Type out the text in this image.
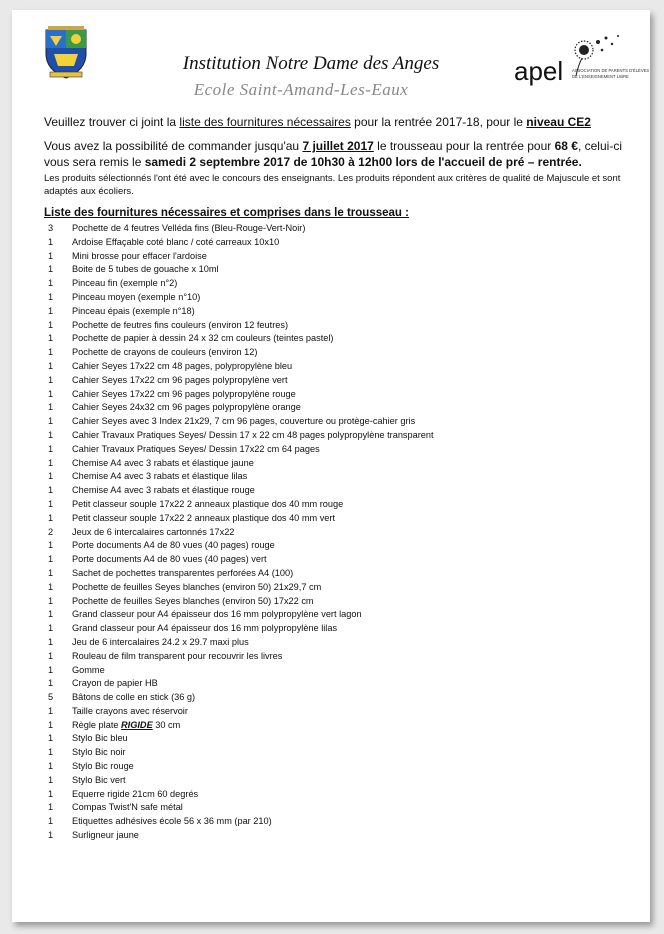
Institution Notre Dame des Anges
Ecole Saint-Amand-Les-Eaux
apel ASSOCIATION DE PARENTS D'ÉLÈVES DE L'ENSEIGNEMENT LIBRE
Veuillez trouver ci joint la liste des fournitures nécessaires pour la rentrée 2017-18, pour le niveau CE2
Vous avez la possibilité de commander jusqu'au 7 juillet 2017 le trousseau pour la rentrée pour 68 €, celui-ci vous sera remis le samedi 2 septembre 2017 de 10h30 à 12h00 lors de l'accueil de pré – rentrée.
Les produits sélectionnés l'ont été avec le concours des enseignants. Les produits répondent aux critères de qualité de Majuscule et sont adaptés aux écoliers.
Liste des fournitures nécessaires et comprises dans le trousseau :
3 Pochette de 4 feutres Velléda fins (Bleu-Rouge-Vert-Noir)
1 Ardoise Effaçable coté blanc / coté carreaux 10x10
1 Mini brosse pour effacer l'ardoise
1 Boite de 5 tubes de gouache x 10ml
1 Pinceau fin (exemple n°2)
1 Pinceau moyen (exemple n°10)
1 Pinceau épais (exemple n°18)
1 Pochette de feutres fins couleurs (environ 12 feutres)
1 Pochette de papier à dessin 24 x 32 cm couleurs (teintes pastel)
1 Pochette de crayons de couleurs (environ 12)
1 Cahier Seyes 17x22 cm 48 pages, polypropylène bleu
1 Cahier Seyes 17x22 cm 96 pages polypropylène vert
1 Cahier Seyes 17x22 cm 96 pages polypropylène rouge
1 Cahier Seyes 24x32 cm 96 pages polypropylène orange
1 Cahier Seyes avec 3 Index 21x29, 7 cm 96 pages, couverture ou protège-cahier gris
1 Cahier Travaux Pratiques Seyes/ Dessin 17 x 22 cm 48 pages polypropylène transparent
1 Cahier Travaux Pratiques Seyes/ Dessin 17x22 cm 64 pages
1 Chemise A4 avec 3 rabats et élastique jaune
1 Chemise A4 avec 3 rabats et élastique lilas
1 Chemise A4 avec 3 rabats et élastique rouge
1 Petit classeur souple 17x22 2 anneaux plastique dos 40 mm rouge
1 Petit classeur souple 17x22 2 anneaux plastique dos 40 mm vert
2 Jeux de 6 intercalaires cartonnés 17x22
1 Porte documents A4 de 80 vues (40 pages) rouge
1 Porte documents A4 de 80 vues (40 pages) vert
1 Sachet de pochettes transparentes perforées A4 (100)
1 Pochette de feuilles Seyes blanches (environ 50) 21x29,7 cm
1 Pochette de feuilles Seyes blanches (environ 50) 17x22 cm
1 Grand classeur pour A4 épaisseur dos 16 mm polypropylène vert lagon
1 Grand classeur pour A4 épaisseur dos 16 mm polypropylène lilas
1 Jeu de 6 intercalaires 24.2 x 29.7 maxi plus
1 Rouleau de film transparent pour recouvrir les livres
1 Gomme
1 Crayon de papier HB
5 Bâtons de colle en stick (36 g)
1 Taille crayons avec réservoir
1 Règle plate RIGIDE 30 cm
1 Stylo Bic bleu
1 Stylo Bic noir
1 Stylo Bic rouge
1 Stylo Bic vert
1 Equerre rigide 21cm 60 degrés
1 Compas Twist'N safe métal
1 Etiquettes adhésives école 56 x 36 mm (par 210)
1 Surligneur jaune
